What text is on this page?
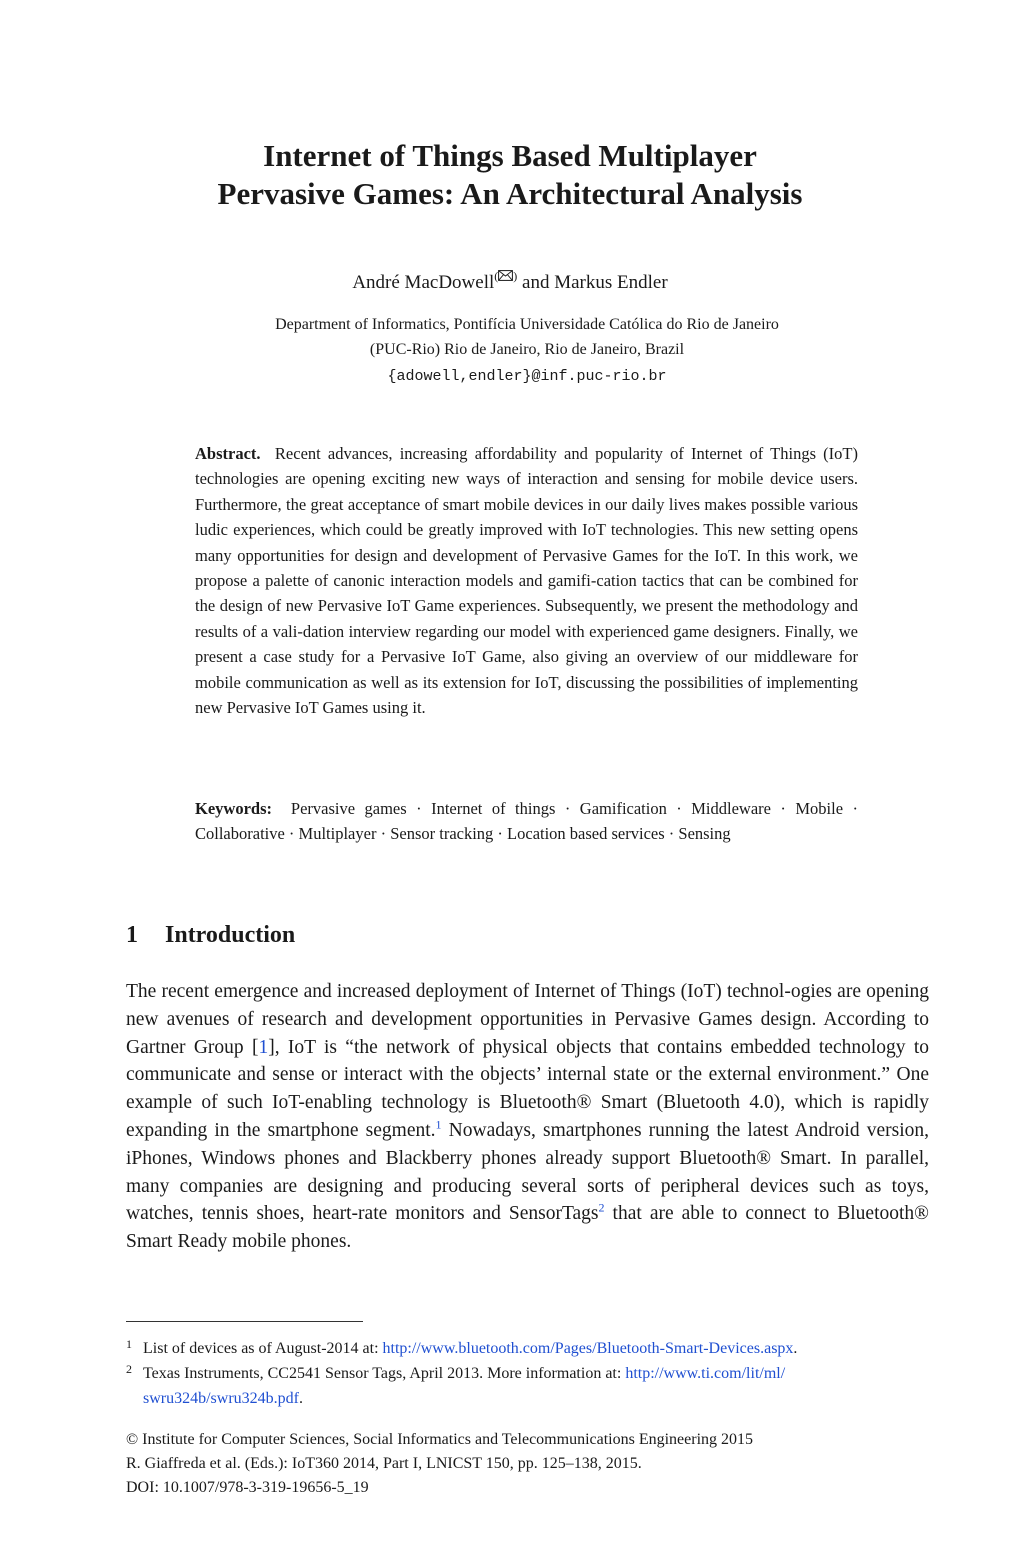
Internet of Things Based Multiplayer
Pervasive Games: An Architectural Analysis
André MacDowell( ) and Markus Endler
Department of Informatics, Pontifícia Universidade Católica do Rio de Janeiro
(PUC-Rio) Rio de Janeiro, Rio de Janeiro, Brazil
{adowell,endler}@inf.puc-rio.br

Abstract. Recent advances, increasing affordability and popularity of Internet of Things (IoT) technologies are opening exciting new ways of interaction and sensing for mobile device users. Furthermore, the great acceptance of smart mobile devices in our daily lives makes possible various ludic experiences, which could be greatly improved with IoT technologies. This new setting opens many opportunities for design and development of Pervasive Games for the IoT. In this work, we propose a palette of canonic interaction models and gamifi-cation tactics that can be combined for the design of new Pervasive IoT Game experiences. Subsequently, we present the methodology and results of a vali-dation interview regarding our model with experienced game designers. Finally, we present a case study for a Pervasive IoT Game, also giving an overview of our middleware for mobile communication as well as its extension for IoT, discussing the possibilities of implementing new Pervasive IoT Games using it.

Keywords: Pervasive games · Internet of things · Gamification · Middleware · Mobile · Collaborative · Multiplayer · Sensor tracking · Location based services · Sensing

1 Introduction

The recent emergence and increased deployment of Internet of Things (IoT) technol-ogies are opening new avenues of research and development opportunities in Pervasive Games design. According to Gartner Group [1], IoT is “the network of physical objects that contains embedded technology to communicate and sense or interact with the objects’ internal state or the external environment.” One example of such IoT-enabling technology is Bluetooth® Smart (Bluetooth 4.0), which is rapidly expanding in the smartphone segment.$^1$ Nowadays, smartphones running the latest Android version, iPhones, Windows phones and Blackberry phones already support Bluetooth® Smart. In parallel, many companies are designing and producing several sorts of peripheral devices such as toys, watches, tennis shoes, heart-rate monitors and SensorTags$^2$ that are able to connect to Bluetooth® Smart Ready mobile phones.

1 List of devices as of August-2014 at: http://www.bluetooth.com/Pages/Bluetooth-Smart-Devices.aspx.

2 Texas Instruments, CC2541 Sensor Tags, April 2013. More information at: http://www.ti.com/lit/ml/

swru324b/swru324b.pdf.

© Institute for Computer Sciences, Social Informatics and Telecommunications Engineering 2015

R. Giaffreda et al. (Eds.): IoT360 2014, Part I, LNICST 150, pp. 125–138, 2015.

DOI: 10.1007/978-3-319-19656-5_19
